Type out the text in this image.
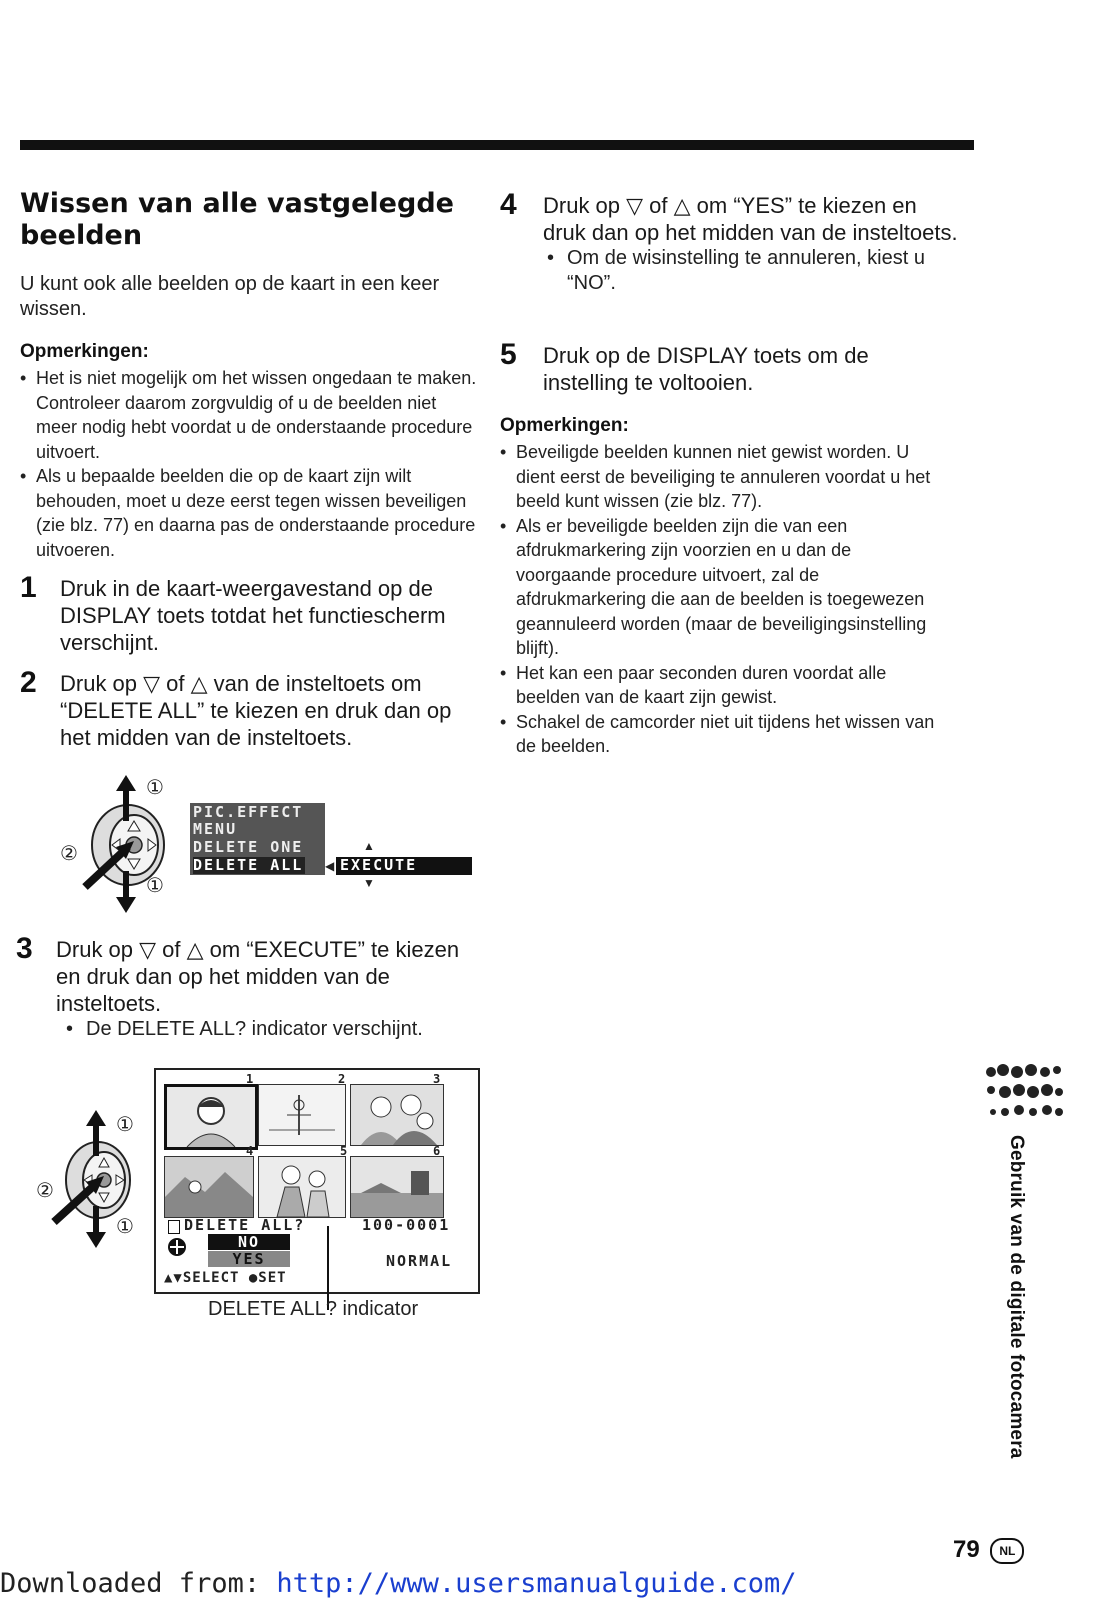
Wissen van alle vastgelegde beelden
U kunt ook alle beelden op de kaart in een keer wissen.
Opmerkingen:
• Het is niet mogelijk om het wissen ongedaan te maken. Controleer daarom zorgvuldig of u de beelden niet meer nodig hebt voordat u de onderstaande procedure uitvoert.
• Als u bepaalde beelden die op de kaart zijn wilt behouden, moet u deze eerst tegen wissen beveiligen (zie blz. 77) en daarna pas de onderstaande procedure uitvoeren.
1 Druk in de kaart-weergavestand op de DISPLAY toets totdat het functiescherm verschijnt.
2 Druk op ▽ of △ van de insteltoets om “DELETE ALL” te kiezen en druk dan op het midden van de insteltoets.
①
②
①
PIC.EFFECT
MENU
DELETE ONE
DELETE ALL
▲
◀ EXECUTE
▼
3 Druk op ▽ of △ om “EXECUTE” te kiezen en druk dan op het midden van de insteltoets.
• De DELETE ALL? indicator verschijnt.
①
②
①
1	2	3
4	5	6
DELETE ALL?	100-0001
NO
YES	NORMAL
▲▼SELECT ●SET
DELETE ALL? indicator
4 Druk op ▽ of △ om “YES” te kiezen en druk dan op het midden van de insteltoets.
• Om de wisinstelling te annuleren, kiest u “NO”.
5 Druk op de DISPLAY toets om de instelling te voltooien.
Opmerkingen:
• Beveiligde beelden kunnen niet gewist worden. U dient eerst de beveiliging te annuleren voordat u het beeld kunt wissen (zie blz. 77).
• Als er beveiligde beelden zijn die van een afdrukmarkering zijn voorzien en u dan de voorgaande procedure uitvoert, zal de afdrukmarkering die aan de beelden is toegewezen geannuleerd worden (maar de beveiligingsinstelling blijft).
• Het kan een paar seconden duren voordat alle beelden van de kaart zijn gewist.
• Schakel de camcorder niet uit tijdens het wissen van de beelden.
Gebruik van de digitale fotocamera
79 NL
Downloaded from: http://www.usersmanualguide.com/
